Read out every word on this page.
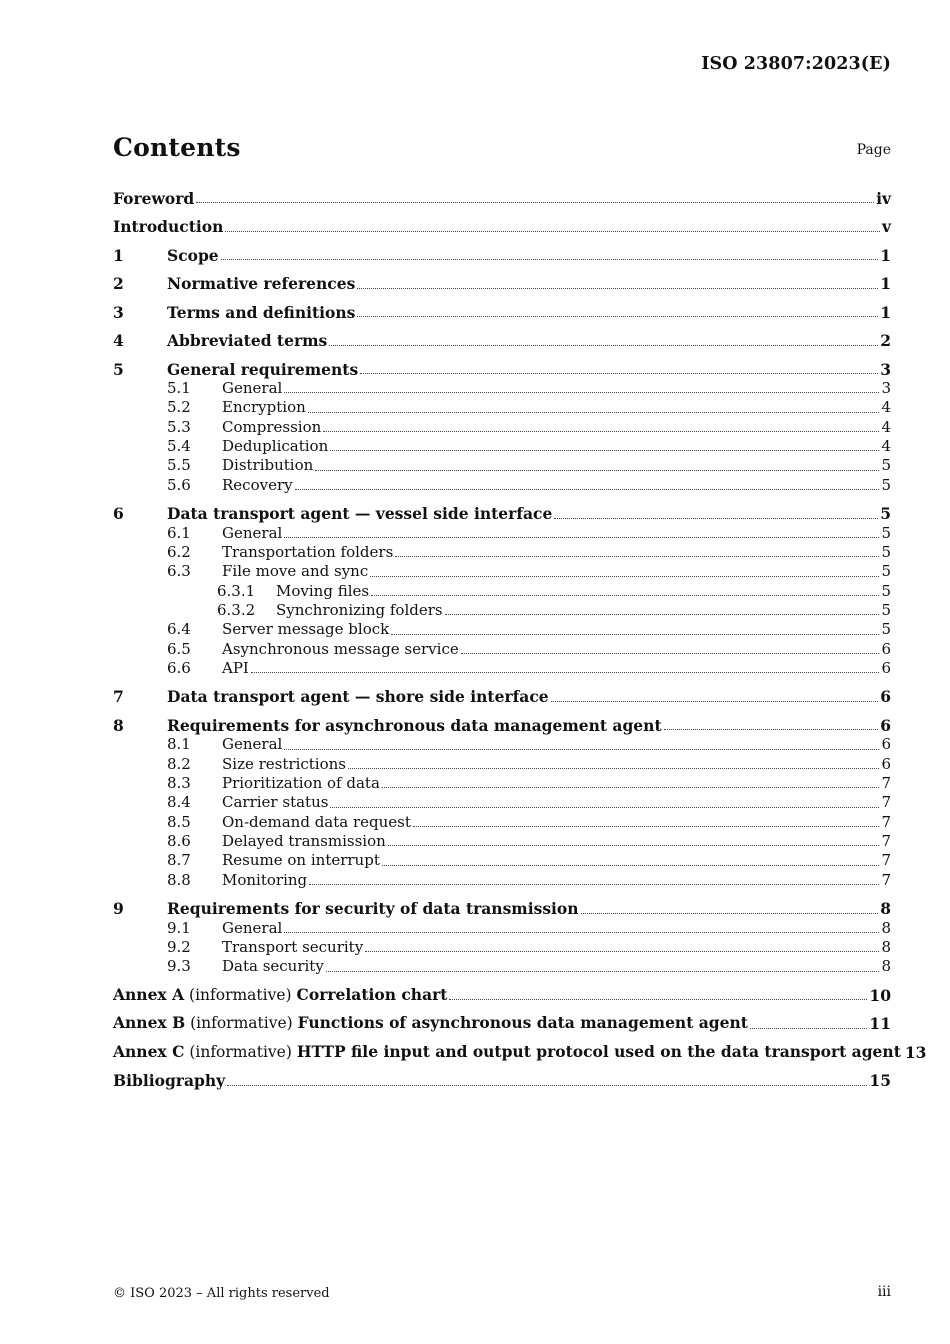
ISO 23807:2023(E)
Contents	Page
Foreword	iv
Introduction	v
1	Scope	1
2	Normative references	1
3	Terms and definitions	1
4	Abbreviated terms	2
5	General requirements	3
5.1	General	3
5.2	Encryption	4
5.3	Compression	4
5.4	Deduplication	4
5.5	Distribution	5
5.6	Recovery	5
6	Data transport agent — vessel side interface	5
6.1	General	5
6.2	Transportation folders	5
6.3	File move and sync	5
6.3.1	Moving files	5
6.3.2	Synchronizing folders	5
6.4	Server message block	5
6.5	Asynchronous message service	6
6.6	API	6
7	Data transport agent — shore side interface	6
8	Requirements for asynchronous data management agent	6
8.1	General	6
8.2	Size restrictions	6
8.3	Prioritization of data	7
8.4	Carrier status	7
8.5	On-demand data request	7
8.6	Delayed transmission	7
8.7	Resume on interrupt	7
8.8	Monitoring	7
9	Requirements for security of data transmission	8
9.1	General	8
9.2	Transport security	8
9.3	Data security	8
Annex A (informative) Correlation chart	10
Annex B (informative) Functions of asynchronous data management agent	11
Annex C (informative) HTTP file input and output protocol used on the data transport agent 13
Bibliography	15
© ISO 2023 – All rights reserved	iii
